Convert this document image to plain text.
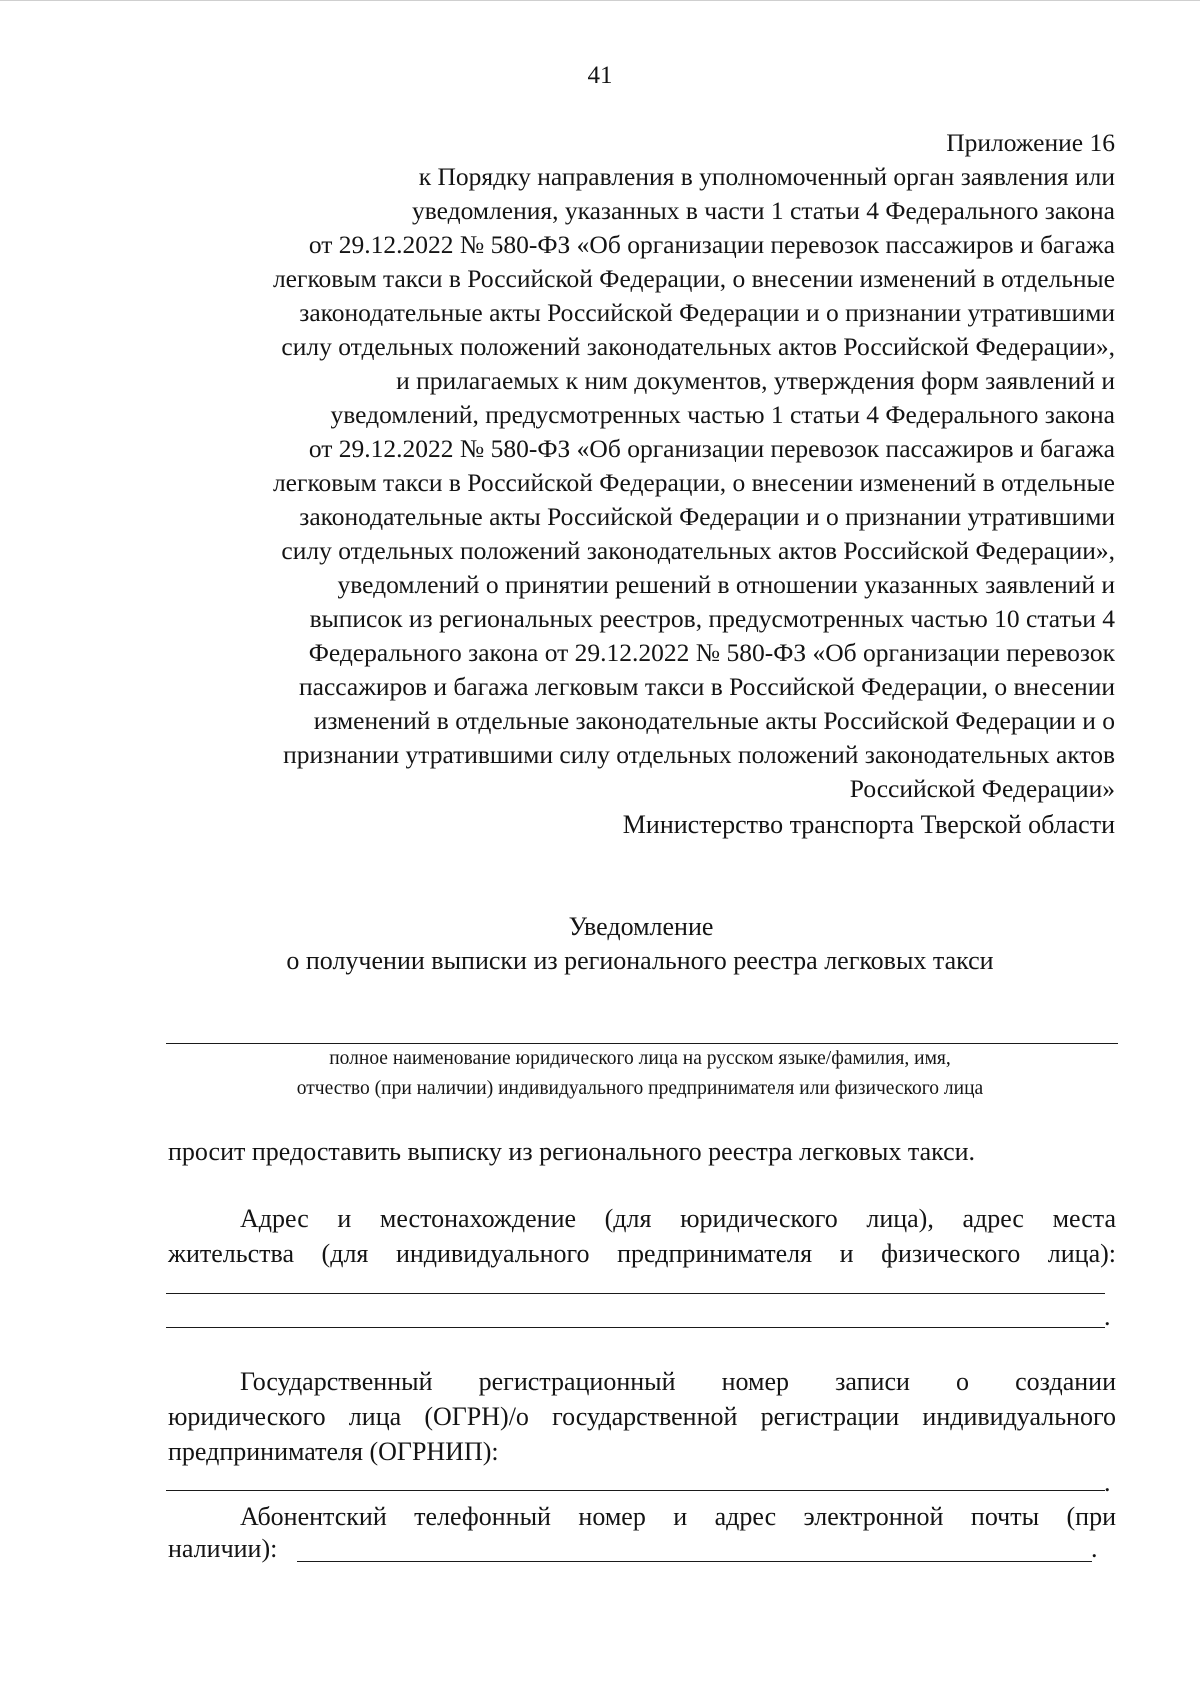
41
Приложение 16
к Порядку направления в уполномоченный орган заявления или
уведомления, указанных в части 1 статьи 4 Федерального закона
от 29.12.2022 № 580-ФЗ «Об организации перевозок пассажиров и багажа
легковым такси в Российской Федерации, о внесении изменений в отдельные
законодательные акты Российской Федерации и о признании утратившими
силу отдельных положений законодательных актов Российской Федерации»,
и прилагаемых к ним документов, утверждения форм заявлений и
уведомлений, предусмотренных частью 1 статьи 4 Федерального закона
от 29.12.2022 № 580-ФЗ «Об организации перевозок пассажиров и багажа
легковым такси в Российской Федерации, о внесении изменений в отдельные
законодательные акты Российской Федерации и о признании утратившими
силу отдельных положений законодательных актов Российской Федерации»,
уведомлений о принятии решений в отношении указанных заявлений и
выписок из региональных реестров, предусмотренных частью 10 статьи 4
Федерального закона от 29.12.2022 № 580-ФЗ «Об организации перевозок
пассажиров и багажа легковым такси в Российской Федерации, о внесении
изменений в отдельные законодательные акты Российской Федерации и о
признании утратившими силу отдельных положений законодательных актов
Российской Федерации»
Министерство транспорта Тверской области
Уведомление
о получении выписки из регионального реестра легковых такси
полное наименование юридического лица на русском языке/фамилия, имя,
отчество (при наличии) индивидуального предпринимателя или физического лица
просит предоставить выписку из регионального реестра легковых такси.
Адрес и местонахождение (для юридического лица), адрес места
жительства (для индивидуального предпринимателя и физического лица):
.
Государственный регистрационный номер записи о создании
юридического лица (ОГРН)/о государственной регистрации индивидуального
предпринимателя (ОГРНИП):
.
Абонентский телефонный номер и адрес электронной почты (при
наличии):	.
